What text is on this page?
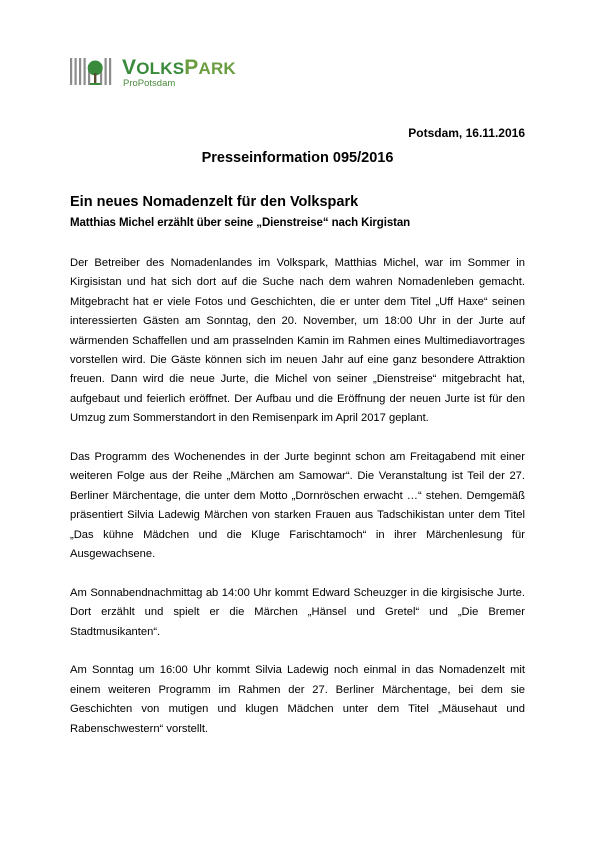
VOLKSPARK
ProPotsdam
Potsdam, 16.11.2016
Presseinformation 095/2016
Ein neues Nomadenzelt für den Volkspark
Matthias Michel erzählt über seine „Dienstreise“ nach Kirgistan

Der Betreiber des Nomadenlandes im Volkspark, Matthias Michel, war im Sommer in Kirgisistan und hat sich dort auf die Suche nach dem wahren Nomadenleben gemacht. Mitgebracht hat er viele Fotos und Geschichten, die er unter dem Titel „Uff Haxe“ seinen interessierten Gästen am Sonntag, den 20. November, um 18:00 Uhr in der Jurte auf wärmenden Schaffellen und am prasselnden Kamin im Rahmen eines Multimediavortrages vorstellen wird. Die Gäste können sich im neuen Jahr auf eine ganz besondere Attraktion freuen. Dann wird die neue Jurte, die Michel von seiner „Dienstreise“ mitgebracht hat, aufgebaut und feierlich eröffnet. Der Aufbau und die Eröffnung der neuen Jurte ist für den Umzug zum Sommerstandort in den Remisenpark im April 2017 geplant.

Das Programm des Wochenendes in der Jurte beginnt schon am Freitagabend mit einer weiteren Folge aus der Reihe „Märchen am Samowar“. Die Veranstaltung ist Teil der 27. Berliner Märchentage, die unter dem Motto „Dornröschen erwacht …“ stehen. Demgemäß präsentiert Silvia Ladewig Märchen von starken Frauen aus Tadschikistan unter dem Titel „Das kühne Mädchen und die Kluge Farischtamoch“ in ihrer Märchenlesung für Ausgewachsene.

Am Sonnabendnachmittag ab 14:00 Uhr kommt Edward Scheuzger in die kirgisische Jurte. Dort erzählt und spielt er die Märchen „Hänsel und Gretel“ und „Die Bremer Stadtmusikanten“.

Am Sonntag um 16:00 Uhr kommt Silvia Ladewig noch einmal in das Nomadenzelt mit einem weiteren Programm im Rahmen der 27. Berliner Märchentage, bei dem sie Geschichten von mutigen und klugen Mädchen unter dem Titel „Mäusehaut und Rabenschwestern“ vorstellt.
